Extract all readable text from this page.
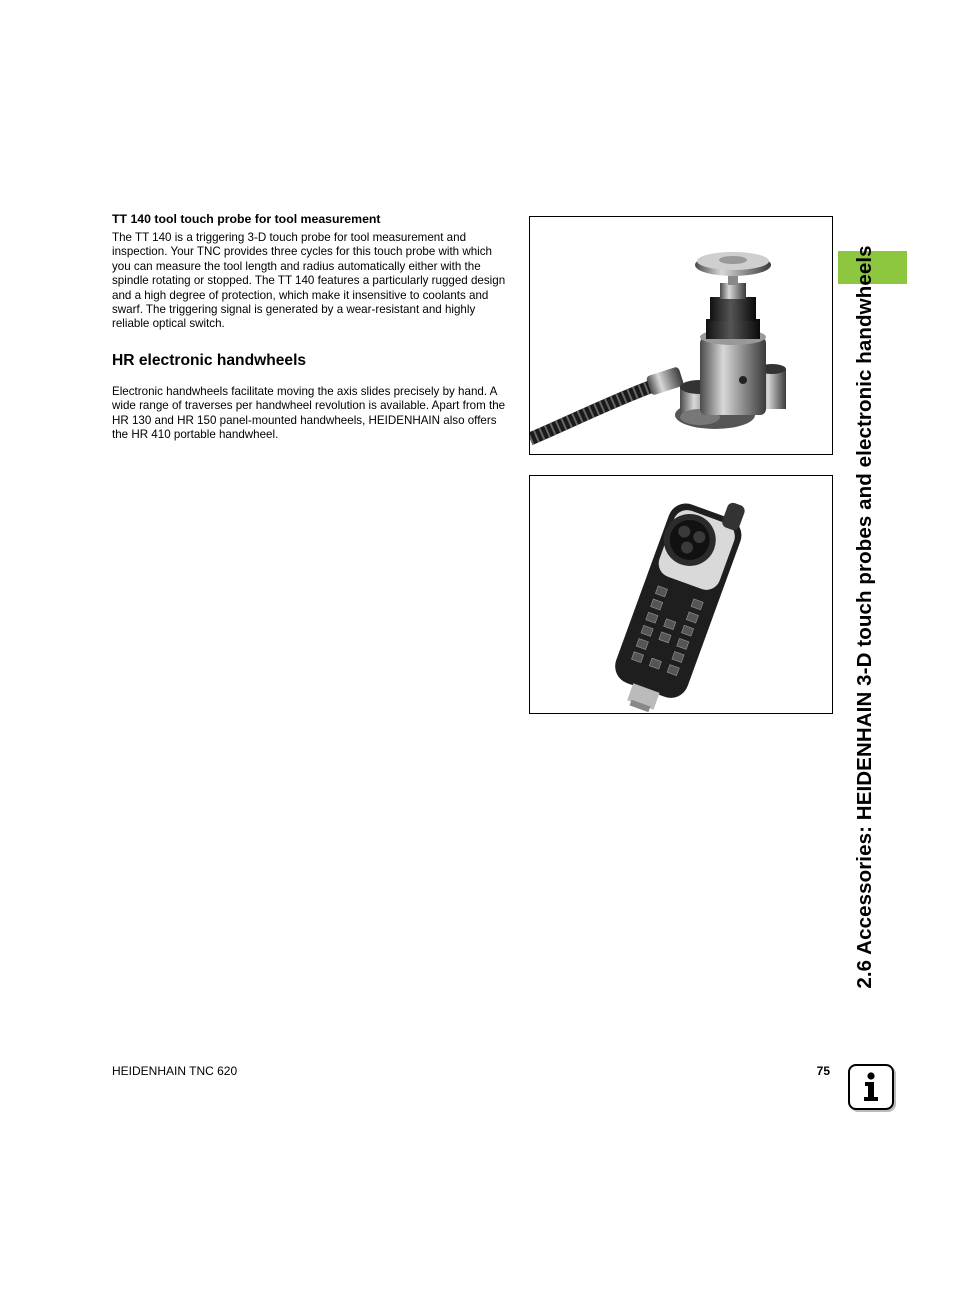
TT 140 tool touch probe for tool measurement
The TT 140 is a triggering 3-D touch probe for tool measurement and inspection. Your TNC provides three cycles for this touch probe with which you can measure the tool length and radius automatically either with the spindle rotating or stopped. The TT 140 features a particularly rugged design and a high degree of protection, which make it insensitive to coolants and swarf. The triggering signal is generated by a wear-resistant and highly reliable optical switch.
HR electronic handwheels
Electronic handwheels facilitate moving the axis slides precisely by hand. A wide range of traverses per handwheel revolution is available. Apart from the HR 130 and HR 150 panel-mounted handwheels, HEIDENHAIN also offers the HR 410 portable handwheel.	2.6 Accessories: HEIDENHAIN 3-D touch probes and electronic handwheels
HEIDENHAIN TNC 620	75
